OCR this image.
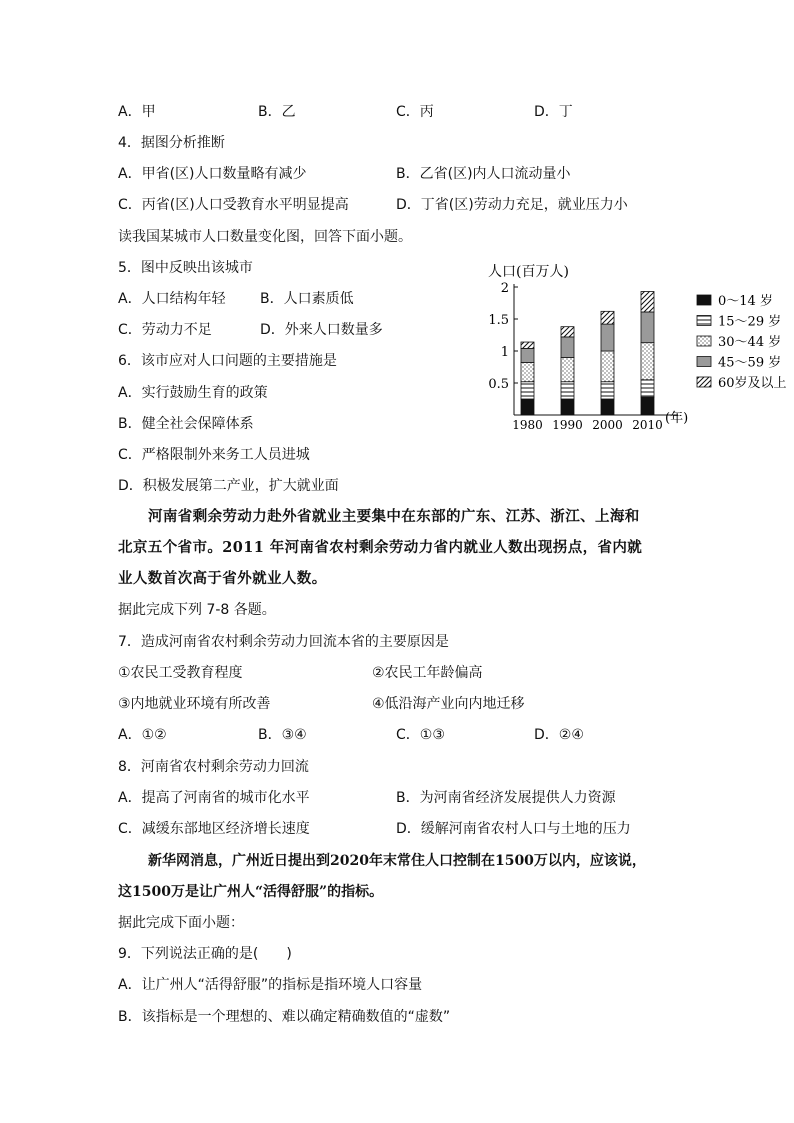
A．甲	B．乙	C．丙	D．丁
4．据图分析推断
A．甲省(区)人口数量略有减少	B．乙省(区)内人口流动量小
C．丙省(区)人口受教育水平明显提高	D．丁省(区)劳动力充足，就业压力小
读我国某城市人口数量变化图，回答下面小题。
5．图中反映出该城市
A．人口结构年轻 B．人口素质低
C．劳动力不足	D．外来人口数量多
6．该市应对人口问题的主要措施是
A．实行鼓励生育的政策
B．健全社会保障体系
C．严格限制外来务工人员进城
D．积极发展第二产业，扩大就业面
人口(百万人)
0.5
1
1.5
2
1980 1990 2000 2010 (年)
0～14 岁
15～29 岁
30～44 岁
45～59 岁
60岁及以上
河南省剩余劳动力赴外省就业主要集中在东部的广东、江苏、浙江、上海和
北京五个省市。2011 年河南省农村剩余劳动力省内就业人数出现拐点，省内就
业人数首次高于省外就业人数。
据此完成下列 7-8 各题。
7．造成河南省农村剩余劳动力回流本省的主要原因是
①农民工受教育程度	②农民工年龄偏高
③内地就业环境有所改善	④低沿海产业向内地迁移
A．①②	B．③④	C．①③	D．②④
8．河南省农村剩余劳动力回流
A．提高了河南省的城市化水平	B．为河南省经济发展提供人力资源
C．减缓东部地区经济增长速度	D．缓解河南省农村人口与土地的压力
新华网消息，广州近日提出到2020年末常住人口控制在1500万以内，应该说，
这1500万是让广州人“活得舒服”的指标。
据此完成下面小题：
9．下列说法正确的是(　　)
A．让广州人“活得舒服”的指标是指环境人口容量
B．该指标是一个理想的、难以确定精确数值的“虚数”
